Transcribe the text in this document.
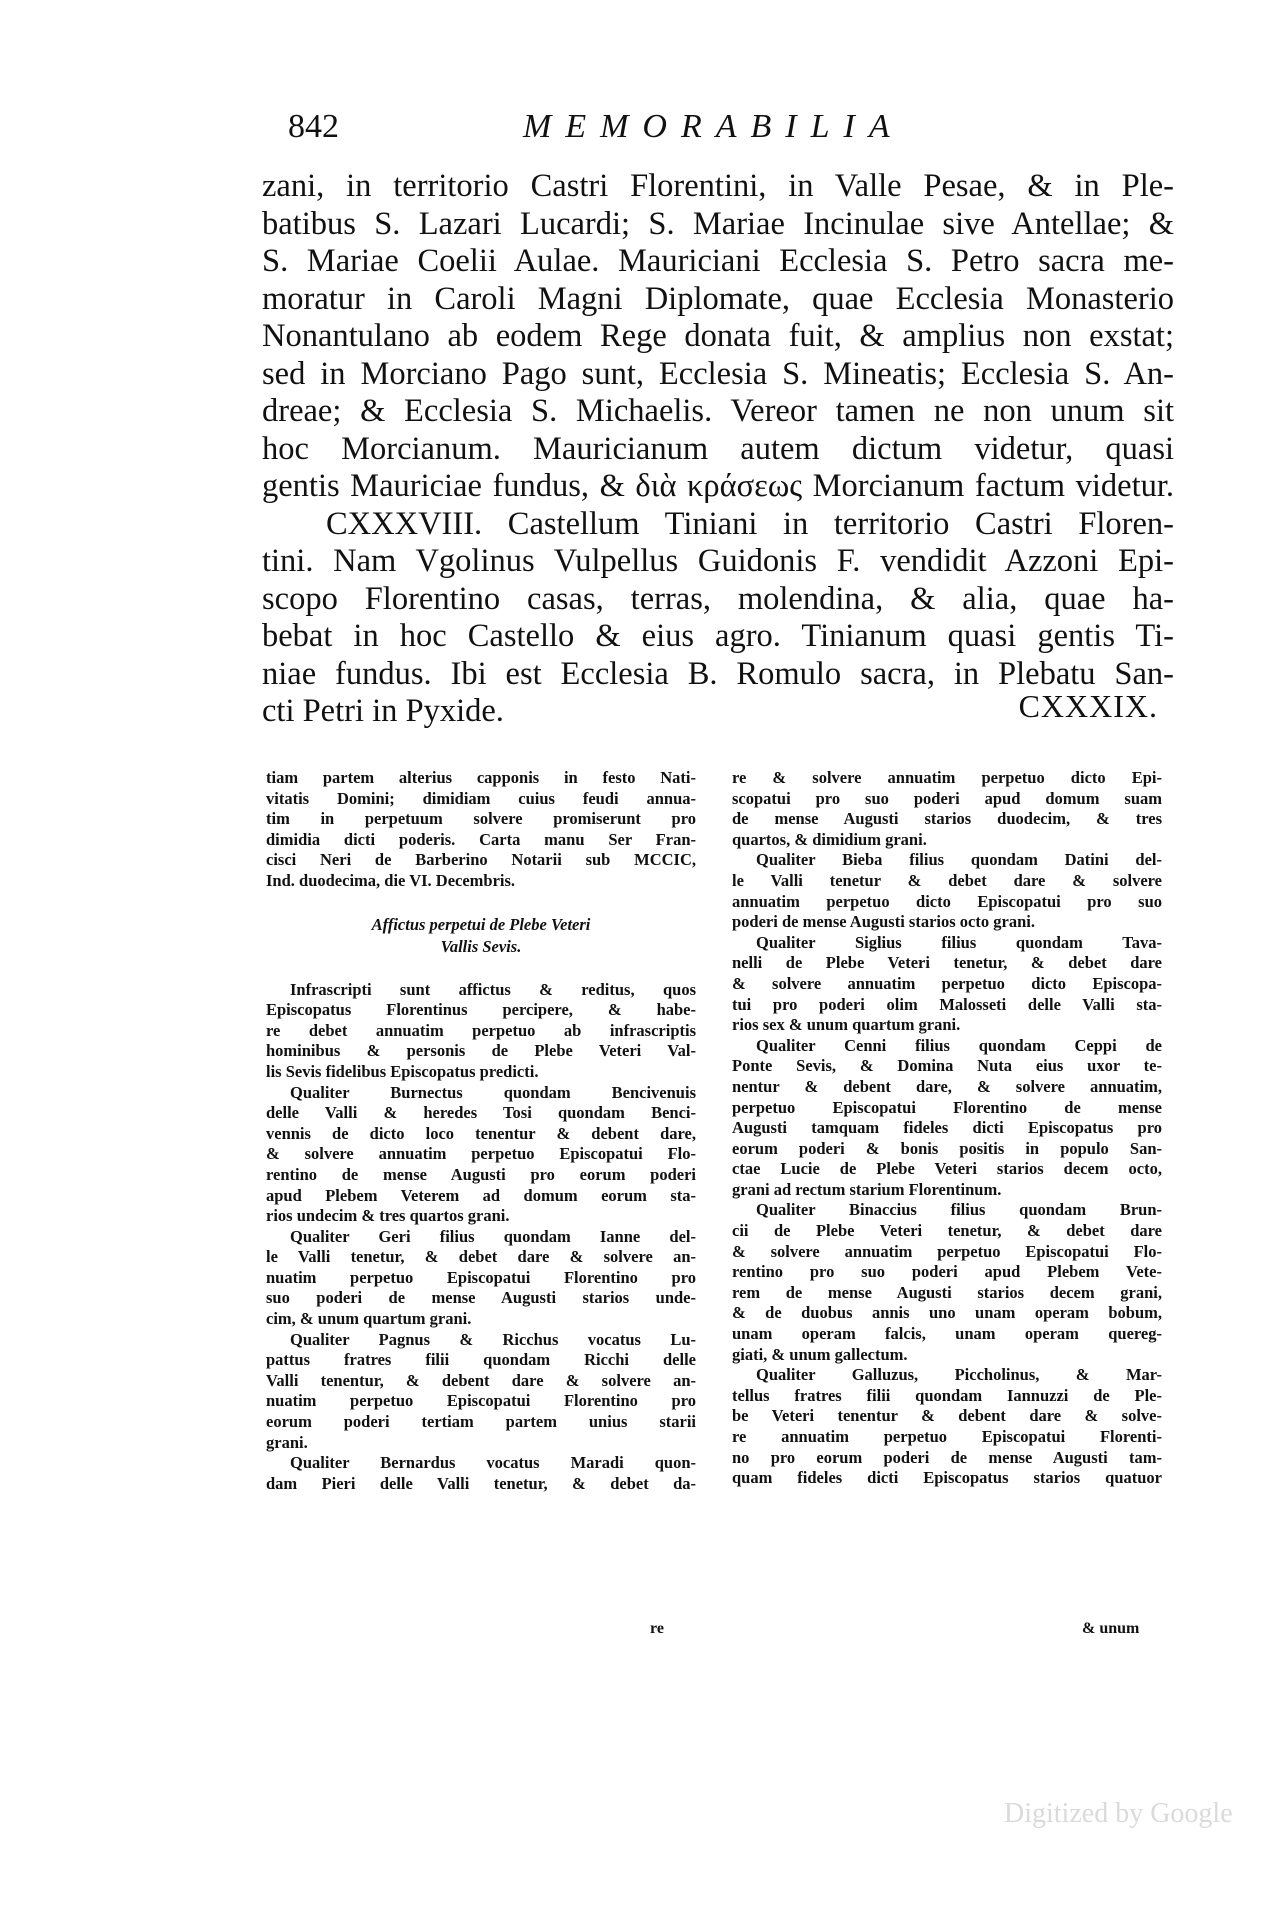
842	MEMORABILIA
zani, in territorio Castri Florentini, in Valle Pesae, & in Ple-
batibus S. Lazari Lucardi; S. Mariae Incinulae sive Antellae; &
S. Mariae Coelii Aulae. Mauriciani Ecclesia S. Petro sacra me-
moratur in Caroli Magni Diplomate, quae Ecclesia Monasterio
Nonantulano ab eodem Rege donata fuit, & amplius non exstat;
sed in Morciano Pago sunt, Ecclesia S. Mineatis; Ecclesia S. An-
dreae; & Ecclesia S. Michaelis. Vereor tamen ne non unum sit
hoc Morcianum. Mauricianum autem dictum videtur, quasi
gentis Mauriciae fundus, & διὰ κράσεως Morcianum factum videtur.
CXXXVIII. Castellum Tiniani in territorio Castri Floren-
tini. Nam Vgolinus Vulpellus Guidonis F. vendidit Azzoni Epi-
scopo Florentino casas, terras, molendina, & alia, quae ha-
bebat in hoc Castello & eius agro. Tinianum quasi gentis Ti-
niae fundus. Ibi est Ecclesia B. Romulo sacra, in Plebatu San-
cti Petri in Pyxide.	CXXXIX.
tiam partem alterius capponis in festo Nati-
vitatis Domini; dimidiam cuius feudi annua-
tim in perpetuum solvere promiserunt pro
dimidia dicti poderis. Carta manu Ser Fran-
cisci Neri de Barberino Notarii sub MCCIC,
Ind. duodecima, die VI. Decembris.
Affictus perpetui de Plebe Veteri
Vallis Sevis.
Infrascripti sunt affictus & reditus, quos
Episcopatus Florentinus percipere, & habe-
re debet annuatim perpetuo ab infrascriptis
hominibus & personis de Plebe Veteri Val-
lis Sevis fidelibus Episcopatus predicti.
Qualiter Burnectus quondam Bencivenuis
delle Valli & heredes Tosi quondam Benci-
vennis de dicto loco tenentur & debent dare,
& solvere annuatim perpetuo Episcopatui Flo-
rentino de mense Augusti pro eorum poderi
apud Plebem Veterem ad domum eorum sta-
rios undecim & tres quartos grani.
Qualiter Geri filius quondam Ianne del-
le Valli tenetur, & debet dare & solvere an-
nuatim perpetuo Episcopatui Florentino pro
suo poderi de mense Augusti starios unde-
cim, & unum quartum grani.
Qualiter Pagnus & Ricchus vocatus Lu-
pattus fratres filii quondam Ricchi delle
Valli tenentur, & debent dare & solvere an-
nuatim perpetuo Episcopatui Florentino pro
eorum poderi tertiam partem unius starii
grani.
Qualiter Bernardus vocatus Maradi quon-
dam Pieri delle Valli tenetur, & debet da-
re
re & solvere annuatim perpetuo dicto Epi-
scopatui pro suo poderi apud domum suam
de mense Augusti starios duodecim, & tres
quartos, & dimidium grani.
Qualiter Bieba filius quondam Datini del-
le Valli tenetur & debet dare & solvere
annuatim perpetuo dicto Episcopatui pro suo
poderi de mense Augusti starios octo grani.
Qualiter Siglius filius quondam Tava-
nelli de Plebe Veteri tenetur, & debet dare
& solvere annuatim perpetuo dicto Episcopa-
tui pro poderi olim Malosseti delle Valli sta-
rios sex & unum quartum grani.
Qualiter Cenni filius quondam Ceppi de
Ponte Sevis, & Domina Nuta eius uxor te-
nentur & debent dare, & solvere annuatim,
perpetuo Episcopatui Florentino de mense
Augusti tamquam fideles dicti Episcopatus pro
eorum poderi & bonis positis in populo San-
ctae Lucie de Plebe Veteri starios decem octo,
grani ad rectum starium Florentinum.
Qualiter Binaccius filius quondam Brun-
cii de Plebe Veteri tenetur, & debet dare
& solvere annuatim perpetuo Episcopatui Flo-
rentino pro suo poderi apud Plebem Vete-
rem de mense Augusti starios decem grani,
& de duobus annis uno unam operam bobum,
unam operam falcis, unam operam quereg-
giati, & unum gallectum.
Qualiter Galluzus, Piccholinus, & Mar-
tellus fratres filii quondam Iannuzzi de Ple-
be Veteri tenentur & debent dare & solve-
re annuatim perpetuo Episcopatui Florenti-
no pro eorum poderi de mense Augusti tam-
quam fideles dicti Episcopatus starios quatuor
& unum
Digitized by Google
